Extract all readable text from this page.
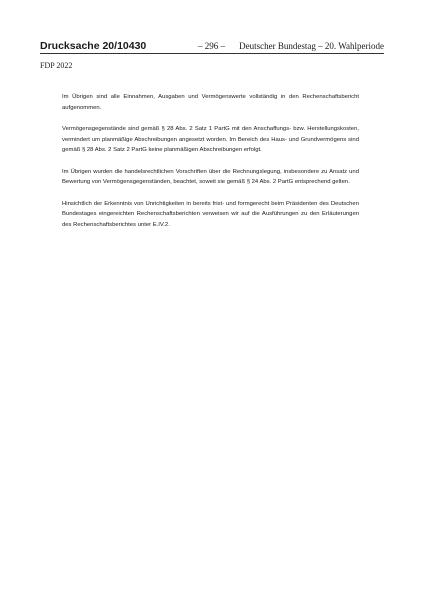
Drucksache 20/10430	– 296 – Deutscher Bundestag – 20. Wahlperiode
FDP 2022

Im Übrigen sind alle Einnahmen, Ausgaben und Vermögenswerte vollständig in den Rechenschaftsbericht aufgenommen.

Vermögensgegenstände sind gemäß § 28 Abs. 2 Satz 1 PartG mit den Anschaffungs- bzw. Herstellungskosten, vermindert um planmäßige Abschreibungen angesetzt worden. Im Bereich des Haus- und Grundvermögens sind gemäß § 28 Abs. 2 Satz 2 PartG keine planmäßigen Abschreibungen erfolgt.

Im Übrigen wurden die handelsrechtlichen Vorschriften über die Rechnungslegung, insbesondere zu Ansatz und Bewertung von Vermögensgegenständen, beachtet, soweit sie gemäß § 24 Abs. 2 PartG entsprechend gelten.

Hinsichtlich der Erkenntnis von Unrichtigkeiten in bereits frist- und formgerecht beim Präsidenten des Deutschen Bundestages eingereichten Rechenschaftsberichten verweisen wir auf die Ausführungen zu den Erläuterungen des Rechenschaftsberichtes unter E.IV.2.
